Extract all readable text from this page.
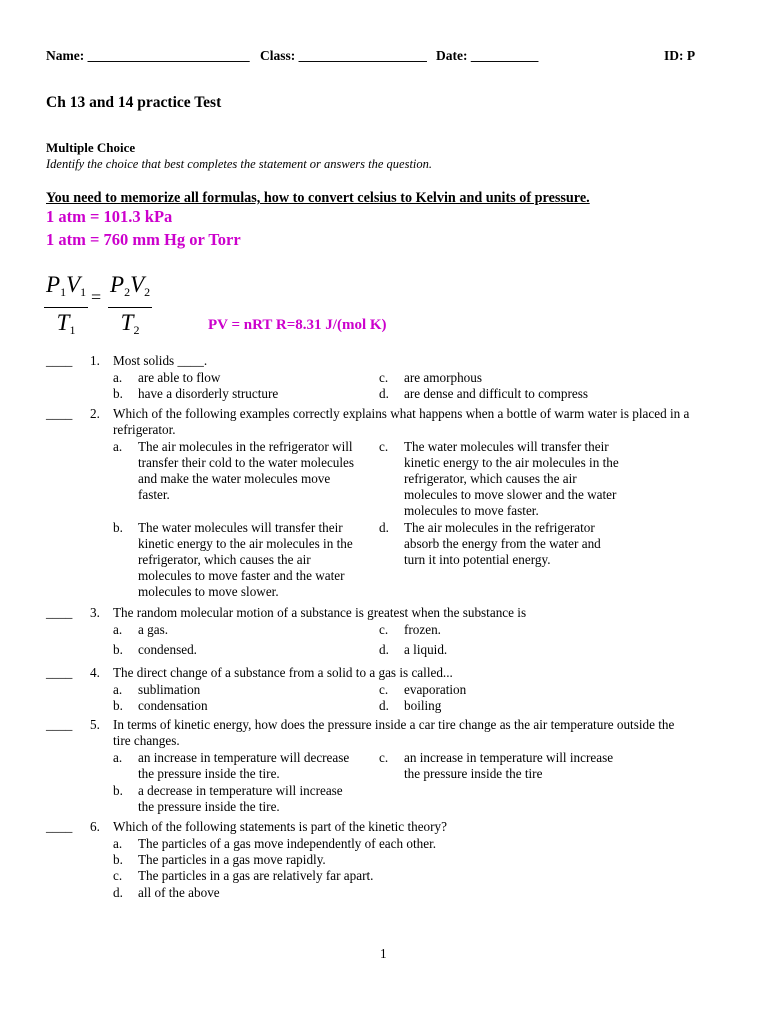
Name: ________________________ Class: ___________________ Date: __________	ID: P
Ch 13 and 14 practice Test
Multiple Choice
Identify the choice that best completes the statement or answers the question.
You need to memorize all formulas, how to convert celsius to Kelvin and units of pressure.
1 atm = 101.3 kPa
1 atm = 760 mm Hg or Torr
$P_1V_1$
$T_1$
= $P_2V_2$
$T_2$	PV = nRT R=8.31 J/(mol K)
____ 1. Most solids ____.
a. are able to flow
b. have a disorderly structure
c. are amorphous
d. are dense and difficult to compress
____ 2. Which of the following examples correctly explains what happens when a bottle of warm water is placed in a
refrigerator.
a. The air molecules in the refrigerator will
transfer their cold to the water molecules
and make the water molecules move
faster.
b. The water molecules will transfer their
kinetic energy to the air molecules in the
refrigerator, which causes the air
molecules to move faster and the water
molecules to move slower.
c. The water molecules will transfer their
kinetic energy to the air molecules in the
refrigerator, which causes the air
molecules to move slower and the water
molecules to move faster.
d. The air molecules in the refrigerator
absorb the energy from the water and
turn it into potential energy.
____ 3. The random molecular motion of a substance is greatest when the substance is
a. a gas.
b. condensed.
c. frozen.
d. a liquid.
____ 4. The direct change of a substance from a solid to a gas is called...
a. sublimation
b. condensation
c. evaporation
d. boiling
____ 5. In terms of kinetic energy, how does the pressure inside a car tire change as the air temperature outside the
tire changes.
a. an increase in temperature will decrease
the pressure inside the tire.
b. a decrease in temperature will increase
the pressure inside the tire.
c. an increase in temperature will increase
the pressure inside the tire
____ 6. Which of the following statements is part of the kinetic theory?
a. The particles of a gas move independently of each other.
b. The particles in a gas move rapidly.
c. The particles in a gas are relatively far apart.
d. all of the above
1
